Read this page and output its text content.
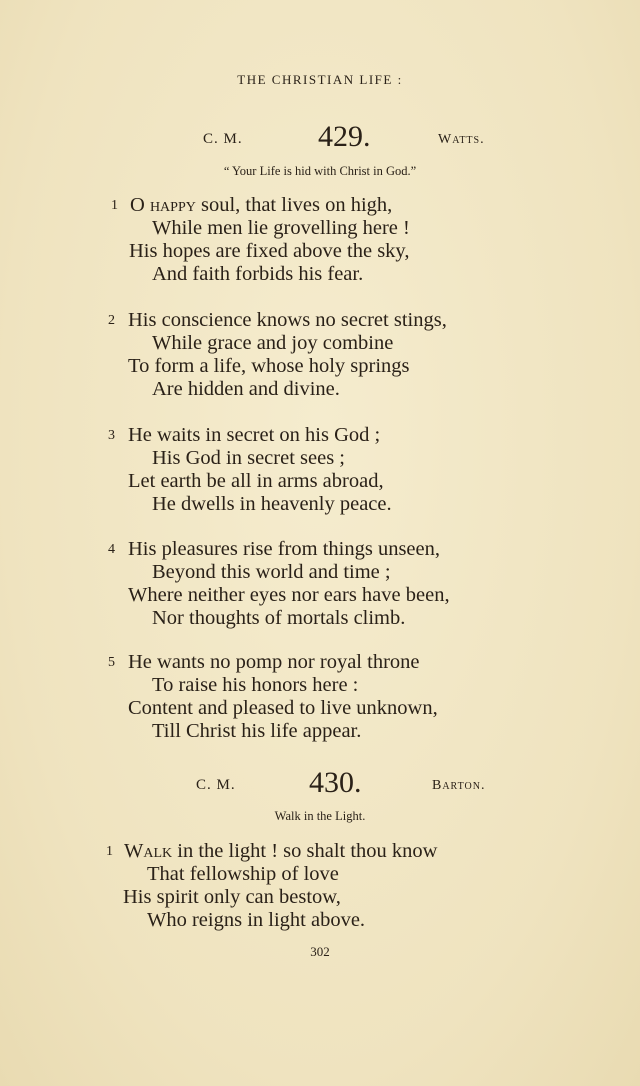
THE CHRISTIAN LIFE :
C. M.	429.	Watts.
“ Your Life is hid with Christ in God.”
1 O happy soul, that lives on high,
While men lie grovelling here !
His hopes are fixed above the sky,
And faith forbids his fear.
2 His conscience knows no secret stings,
While grace and joy combine
To form a life, whose holy springs
Are hidden and divine.
3 He waits in secret on his God ;
His God in secret sees ;
Let earth be all in arms abroad,
He dwells in heavenly peace.
4 His pleasures rise from things unseen,
Beyond this world and time ;
Where neither eyes nor ears have been,
Nor thoughts of mortals climb.
5 He wants no pomp nor royal throne
To raise his honors here :
Content and pleased to live unknown,
Till Christ his life appear.
C. M. 430.	Barton.
Walk in the Light.
1 Walk in the light ! so shalt thou know
That fellowship of love
His spirit only can bestow,
Who reigns in light above.
302
